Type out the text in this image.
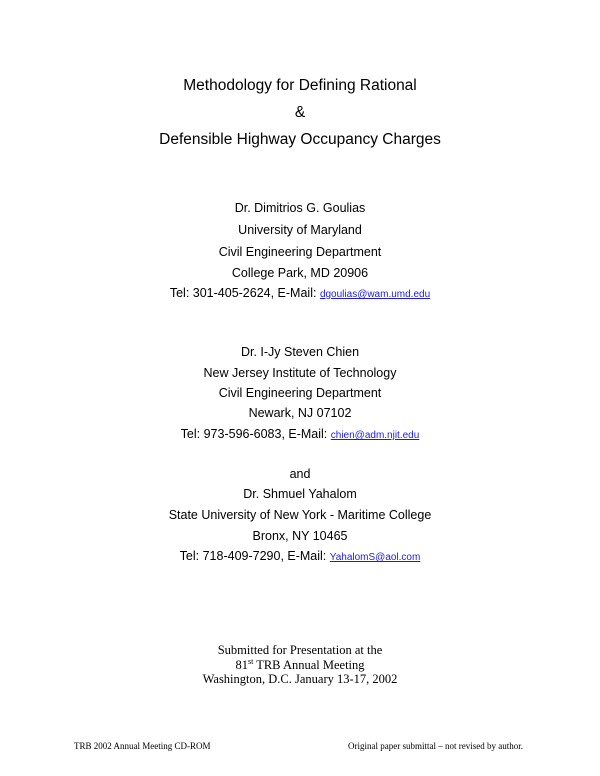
Methodology for Defining Rational
&
Defensible Highway Occupancy Charges
Dr. Dimitrios G. Goulias
University of Maryland
Civil Engineering Department
College Park, MD 20906
Tel: 301-405-2624, E-Mail: dgoulias@wam.umd.edu
Dr. I-Jy Steven Chien
New Jersey Institute of Technology
Civil Engineering Department
Newark, NJ 07102
Tel: 973-596-6083, E-Mail: chien@adm.njit.edu
and
Dr. Shmuel Yahalom
State University of New York - Maritime College
Bronx, NY 10465
Tel: 718-409-7290, E-Mail: YahalomS@aol.com
Submitted for Presentation at the
81st TRB Annual Meeting
Washington, D.C. January 13-17, 2002
TRB 2002 Annual Meeting CD-ROM	Original paper submittal – not revised by author.
